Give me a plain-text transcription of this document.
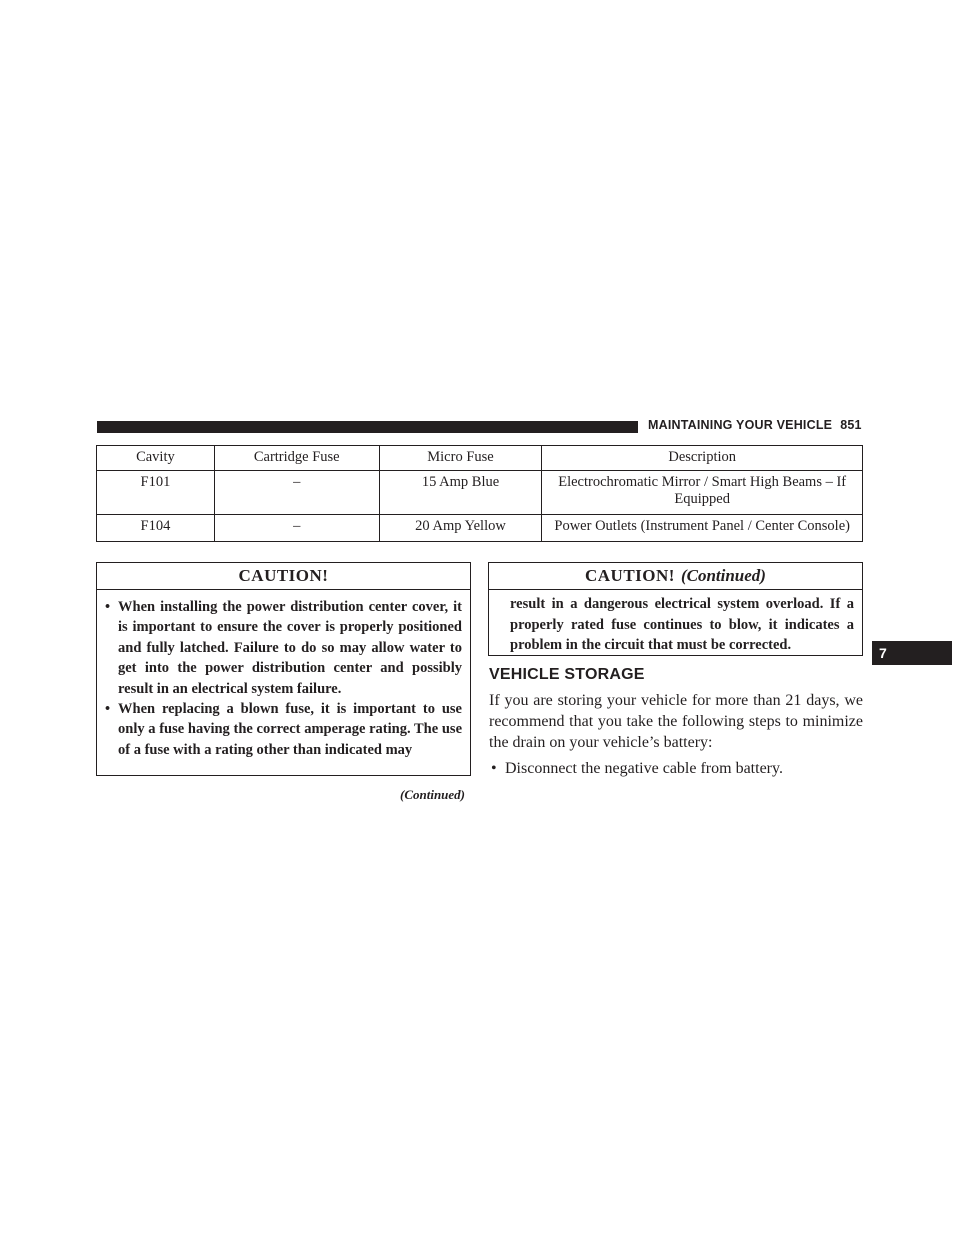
MAINTAINING YOUR VEHICLE 851
Cavity	Cartridge Fuse	Micro Fuse	Description
F101	–	15 Amp Blue	Electrochromatic Mirror / Smart High Beams – If Equipped
F104	–	20 Amp Yellow	Power Outlets (Instrument Panel / Center Console)
CAUTION!
• When installing the power distribution center cover, it is important to ensure the cover is properly positioned and fully latched. Failure to do so may allow water to get into the power distribution center and possibly result in an electrical system failure.
• When replacing a blown fuse, it is important to use only a fuse having the correct amperage rating. The use of a fuse with a rating other than indicated may
(Continued)
CAUTION! (Continued)
result in a dangerous electrical system overload. If a properly rated fuse continues to blow, it indicates a problem in the circuit that must be corrected.
VEHICLE STORAGE
If you are storing your vehicle for more than 21 days, we recommend that you take the following steps to minimize the drain on your vehicle’s battery:
• Disconnect the negative cable from battery.
7
